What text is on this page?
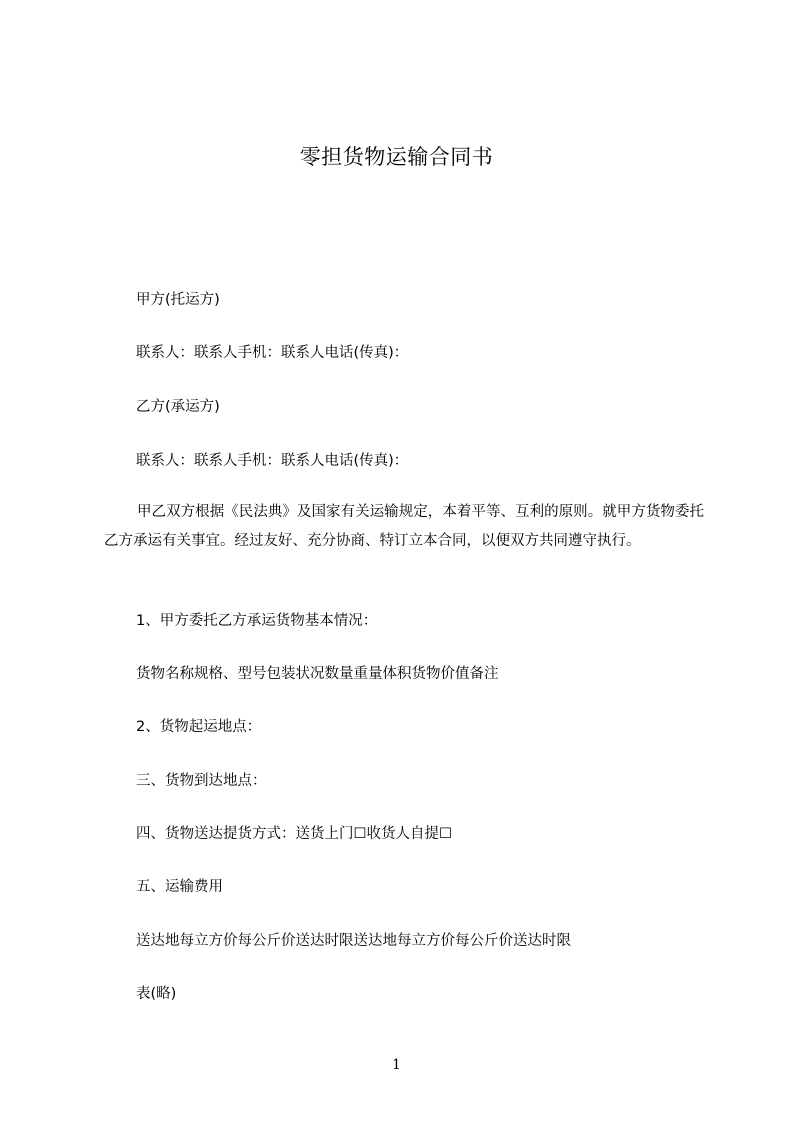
零担货物运输合同书
甲方(托运方)
联系人：联系人手机：联系人电话(传真)：
乙方(承运方)
联系人：联系人手机：联系人电话(传真)：
甲乙双方根据《民法典》及国家有关运输规定，本着平等、互利的原则。就甲方货物委托乙方承运有关事宜。经过友好、充分协商、特订立本合同，以便双方共同遵守执行。
1、甲方委托乙方承运货物基本情况：
货物名称规格、型号包装状况数量重量体积货物价值备注
2、货物起运地点：
三、货物到达地点：
四、货物送达提货方式：送货上门☐收货人自提☐
五、运输费用
送达地每立方价每公斤价送达时限送达地每立方价每公斤价送达时限
表(略)
1
